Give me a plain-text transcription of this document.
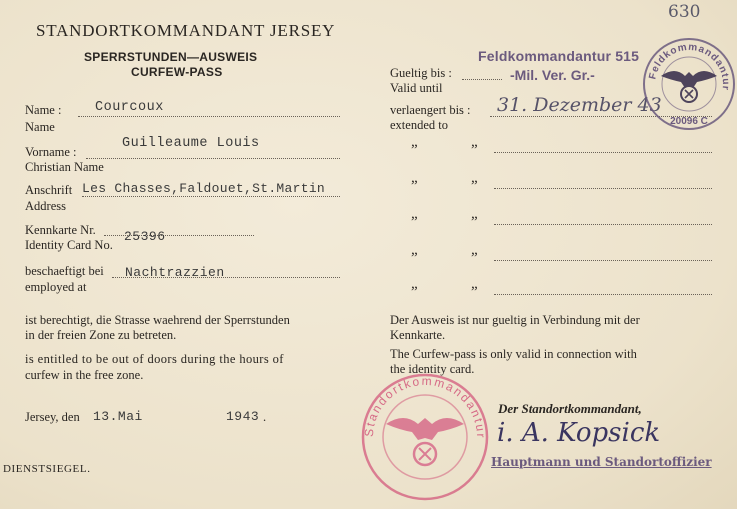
630
STANDORTKOMMANDANT JERSEY
SPERRSTUNDEN—AUSWEIS
CURFEW-PASS
Name : Courcoux
Name
Vorname :
Guilleaume Louis
Christian Name
Anschrift Les Chasses,Faldouet,St.Martin
Address
Kennkarte Nr.
Identity Card No.
25396
beschaeftigt bei Nachtrazzien
employed at
ist berechtigt, die Strasse waehrend der Sperrstunden
in der freien Zone zu betreten.
is entitled to be out of doors during the hours of
curfew in the free zone.
Jersey, den 13.Mai	1943 .
DIENSTSIEGEL.
Gueltig bis :
Valid until
verlaengert bis : 31. Dezember 43
extended to
”	”
”	”
”	”
”	”
”	”
Der Ausweis ist nur gueltig in Verbindung mit der
Kennkarte.
The Curfew-pass is only valid in connection with
the identity card.
Der Standortkommandant,
Feldkommandantur 515
-Mil. Ver. Gr.-	Feldkommandantur
20096 C
Standortkommandantur i. A. Kopsick
Hauptmann und Standortoffizier
